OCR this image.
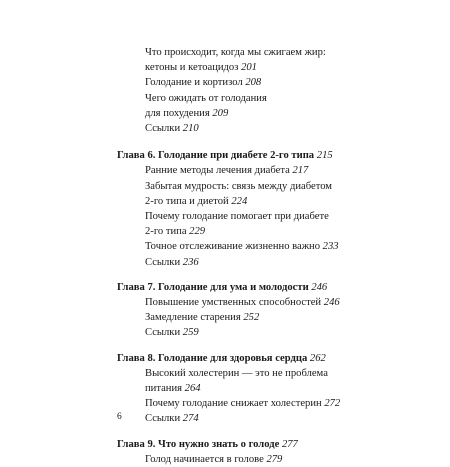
Что происходит, когда мы сжигаем жир:
кетоны и кетоацидоз 201
Голодание и кортизол 208
Чего ожидать от голодания
для похудения 209
Ссылки 210
Глава 6. Голодание при диабете 2-го типа 215
Ранние методы лечения диабета 217
Забытая мудрость: связь между диабетом
2-го типа и диетой 224
Почему голодание помогает при диабете
2-го типа 229
Точное отслеживание жизненно важно 233
Ссылки 236
Глава 7. Голодание для ума и молодости 246
Повышение умственных способностей 246
Замедление старения 252
Ссылки 259
Глава 8. Голодание для здоровья сердца 262
Высокий холестерин — это не проблема
питания 264
Почему голодание снижает холестерин 272
Ссылки 274
Глава 9. Что нужно знать о голоде 277
Голод начинается в голове 279
6
